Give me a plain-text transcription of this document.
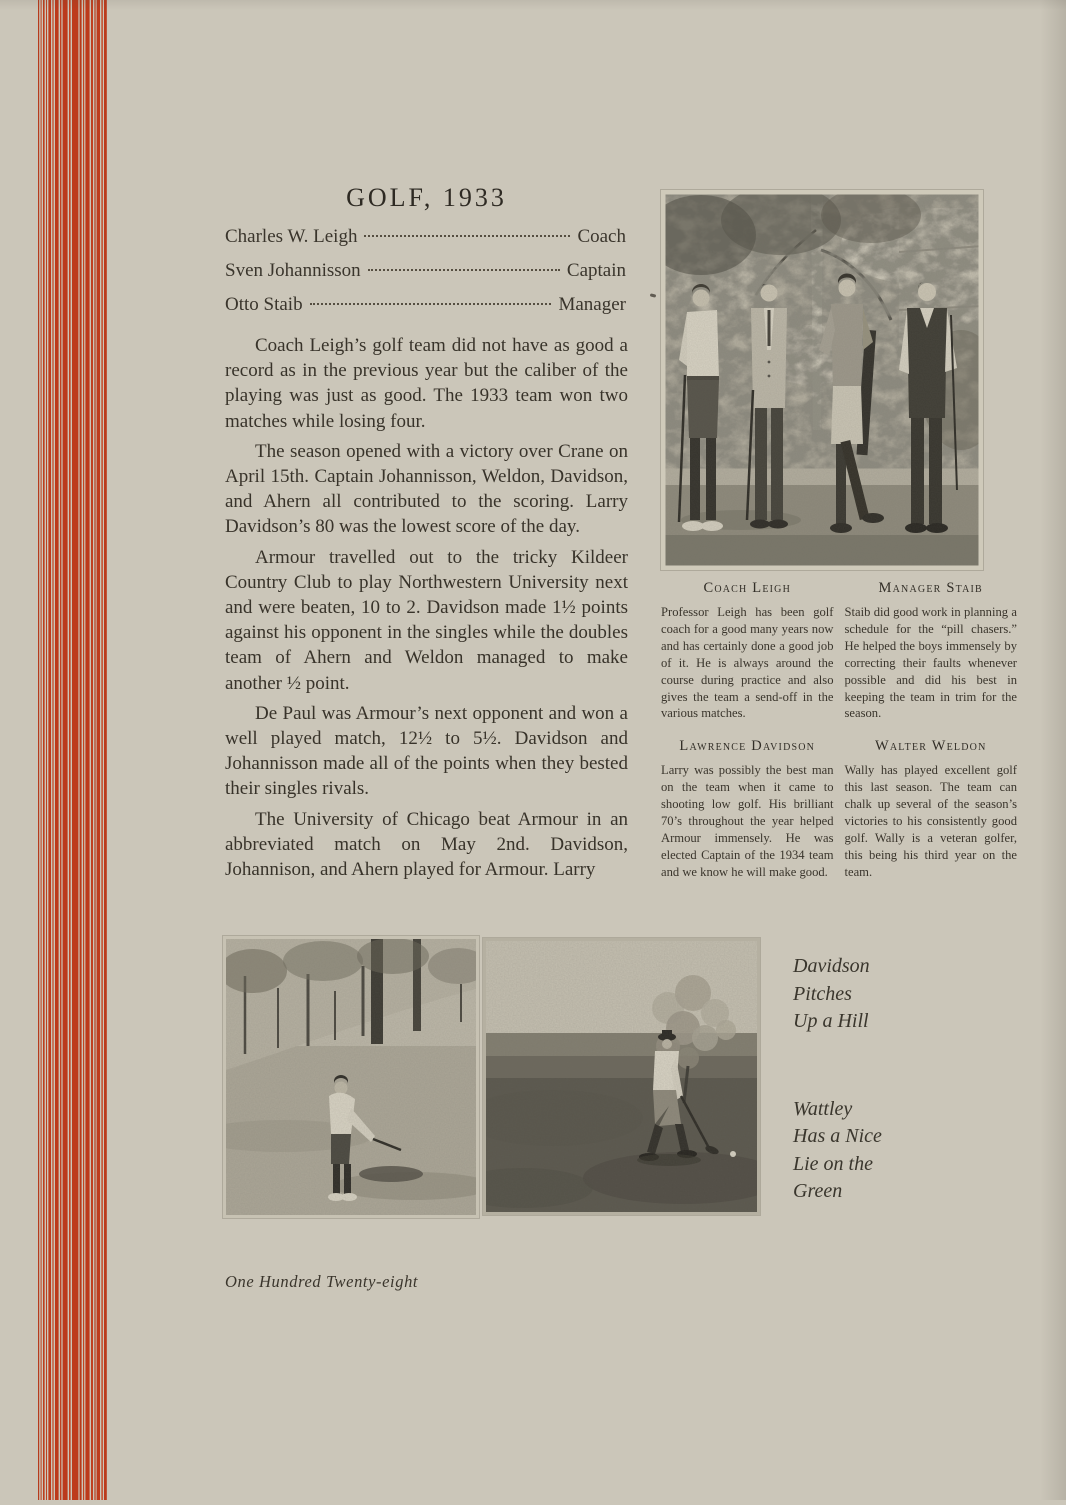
GOLF, 1933
Charles W. Leigh	Coach
Sven Johannisson	Captain
Otto Staib	Manager

Coach Leigh’s golf team did not have as good a record as in the previous year but the caliber of the playing was just as good. The 1933 team won two matches while losing four.

The season opened with a victory over Crane on April 15th. Captain Johannisson, Weldon, Davidson, and Ahern all contributed to the scoring. Larry Davidson’s 80 was the lowest score of the day.

Armour travelled out to the tricky Kildeer Country Club to play Northwestern University next and were beaten, 10 to 2. Davidson made 1½ points against his opponent in the singles while the doubles team of Ahern and Weldon managed to make another ½ point.

De Paul was Armour’s next opponent and won a well played match, 12½ to 5½. Davidson and Johannisson made all of the points when they bested their singles rivals.

The University of Chicago beat Armour in an abbreviated match on May 2nd. Davidson, Johannison, and Ahern played for Armour. Larry

Coach Leigh

Professor Leigh has been golf coach for a good many years now and has certainly done a good job of it. He is always around the course during practice and also gives the team a send-off in the various matches.

Lawrence Davidson

Larry was possibly the best man on the team when it came to shooting low golf. His brilliant 70’s throughout the year helped Armour immensely. He was elected Captain of the 1934 team and we know he will make good.

Manager Staib

Staib did good work in planning a schedule for the “pill chasers.” He helped the boys immensely by correcting their faults whenever possible and did his best in keeping the team in trim for the season.

Walter Weldon

Wally has played excellent golf this last season. The team can chalk up several of the season’s victories to his consistently good golf. Wally is a veteran golfer, this being his third year on the team.

Davidson
Pitches
Up a Hill
Wattley
Has a Nice
Lie on the
Green
One Hundred Twenty-eight
